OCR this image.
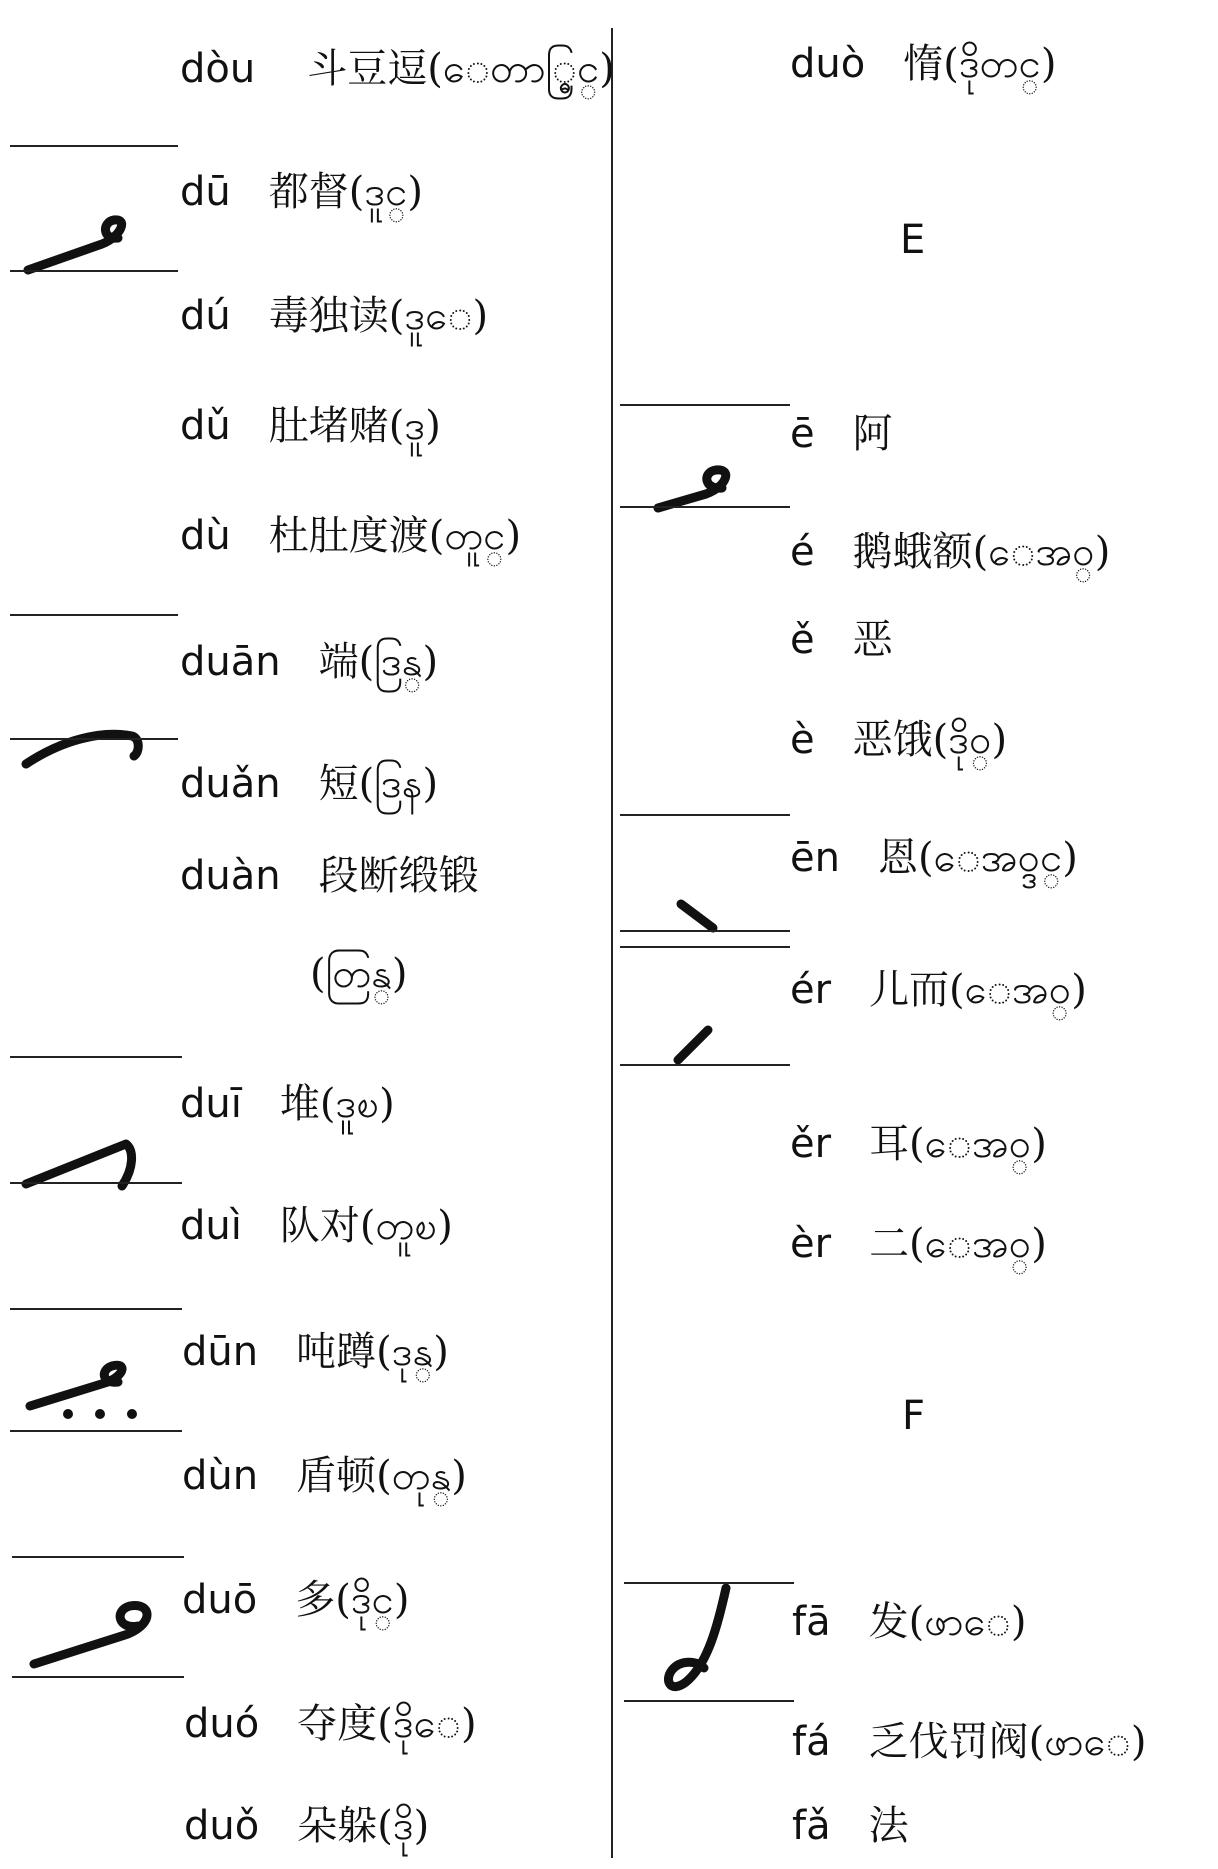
dòu 斗豆逗(ေတာ္ဓြင္)
dū 都督(ဒူင္)
dú 毒独读(ဒူေ)
dǔ 肚堵赌(ဒူ)
dù 杜肚度渡(တူင္)
duān 端(ဒြန္)
duǎn 短(ဒြန)
duàn 段断缎锻
(တြန္)
duī 堆(ဒူၿ)
duì 队对(တူၿ)
dūn 吨蹲(ဒုန္)
dùn 盾顿(တုန္)
duō 多(ဒိုင္)
duó 夺度(ဒိုေ)
duǒ 朵躲(ဒို)
duò 惰(ဒိုတင္)
E
ē 阿
é 鹅蛾额(ေအဝ္)
ě 恶
è 恶饿(ဒိုဝ္)
ēn 恩(ေအဝ္ဒင္)
ér 儿而(ေအဝ္)
ěr 耳(ေအဝ္)
èr 二(ေအဝ္)
F
fā 发(ဖာေ)
fá 乏伐罚阀(ဖာေ)
fǎ 法
